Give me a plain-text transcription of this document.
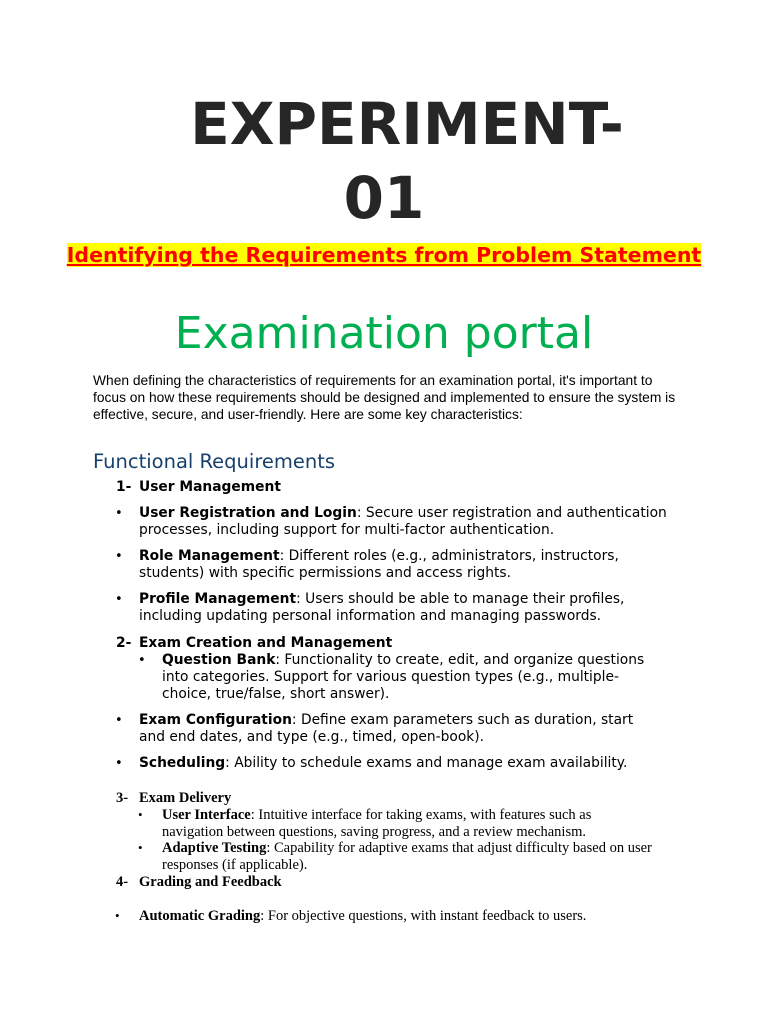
EXPERIMENT-
01
Identifying the Requirements from Problem Statement
Examination portal
When defining the characteristics of requirements for an examination portal, it's important to focus on how these requirements should be designed and implemented to ensure the system is effective, secure, and user-friendly. Here are some key characteristics:
Functional Requirements
1- User Management
• User Registration and Login: Secure user registration and authentication processes, including support for multi-factor authentication.
• Role Management: Different roles (e.g., administrators, instructors, students) with specific permissions and access rights.
• Profile Management: Users should be able to manage their profiles, including updating personal information and managing passwords.
2- Exam Creation and Management
• Question Bank: Functionality to create, edit, and organize questions into categories. Support for various question types (e.g., multiple-choice, true/false, short answer).
• Exam Configuration: Define exam parameters such as duration, start and end dates, and type (e.g., timed, open-book).
• Scheduling: Ability to schedule exams and manage exam availability.
3- Exam Delivery
• User Interface: Intuitive interface for taking exams, with features such as navigation between questions, saving progress, and a review mechanism.
• Adaptive Testing: Capability for adaptive exams that adjust difficulty based on user responses (if applicable).
4- Grading and Feedback
• Automatic Grading: For objective questions, with instant feedback to users.
